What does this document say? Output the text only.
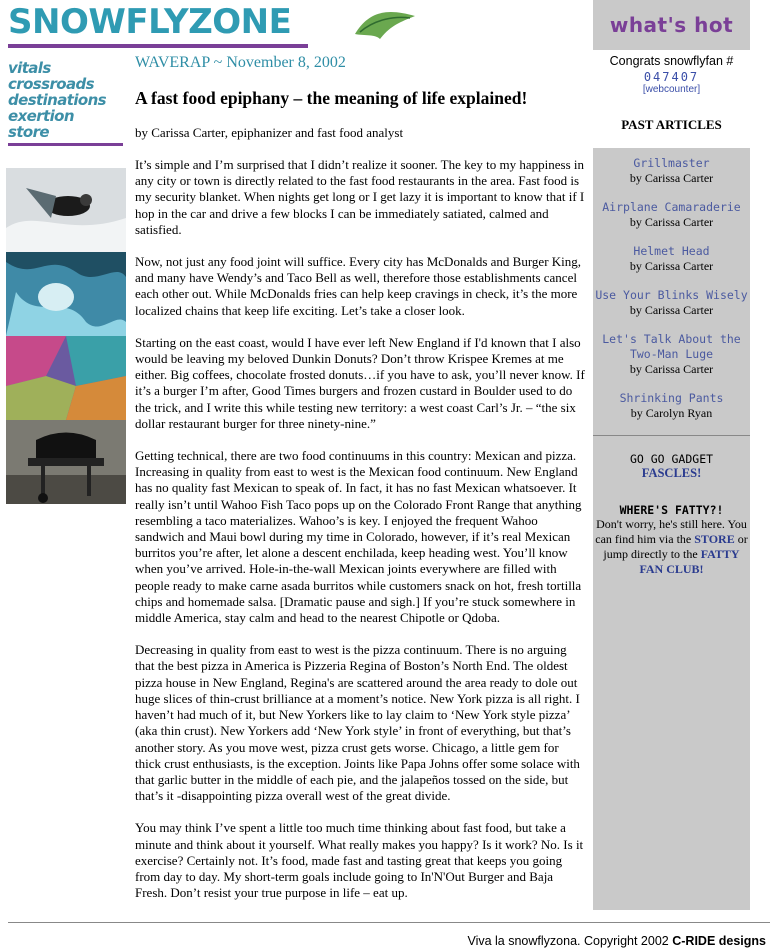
SNOWFLYZONE
vitals
crossroads
destinations
exertion
store
WAVERAP ~ November 8, 2002
A fast food epiphany – the meaning of life explained!
by Carissa Carter, epiphanizer and fast food analyst

It’s simple and I’m surprised that I didn’t realize it sooner. The key to my happiness in any city or town is directly related to the fast food restaurants in the area. Fast food is my security blanket. When nights get long or I get lazy it is important to know that if I hop in the car and drive a few blocks I can be immediately satiated, calmed and satisfied.

Now, not just any food joint will suffice. Every city has McDonalds and Burger King, and many have Wendy’s and Taco Bell as well, therefore those establishments cancel each other out. While McDonalds fries can help keep cravings in check, it’s the more localized chains that keep life exciting. Let’s take a closer look.

Starting on the east coast, would I have ever left New England if I'd known that I also would be leaving my beloved Dunkin Donuts? Don’t throw Krispee Kremes at me either. Big coffees, chocolate frosted donuts…if you have to ask, you’ll never know. If it’s a burger I’m after, Good Times burgers and frozen custard in Boulder used to do the trick, and I write this while testing new territory: a west coast Carl’s Jr. – “the six dollar restaurant burger for three ninety-nine.”

Getting technical, there are two food continuums in this country: Mexican and pizza. Increasing in quality from east to west is the Mexican food continuum. New England has no quality fast Mexican to speak of. In fact, it has no fast Mexican whatsoever. It really isn’t until Wahoo Fish Taco pops up on the Colorado Front Range that anything resembling a taco materializes. Wahoo’s is key. I enjoyed the frequent Wahoo sandwich and Maui bowl during my time in Colorado, however, if it’s real Mexican burritos you’re after, let alone a descent enchilada, keep heading west. You’ll know when you’ve arrived. Hole-in-the-wall Mexican joints everywhere are filled with people ready to make carne asada burritos while customers snack on hot, fresh tortilla chips and homemade salsa. [Dramatic pause and sigh.] If you’re stuck somewhere in middle America, stay calm and head to the nearest Chipotle or Qdoba.

Decreasing in quality from east to west is the pizza continuum. There is no arguing that the best pizza in America is Pizzeria Regina of Boston’s North End. The oldest pizza house in New England, Regina's are scattered around the area ready to dole out huge slices of thin-crust brilliance at a moment’s notice. New York pizza is all right. I haven’t had much of it, but New Yorkers like to lay claim to ‘New York style pizza’ (aka thin crust). New Yorkers add ‘New York style’ in front of everything, but that’s another story. As you move west, pizza crust gets worse. Chicago, a little gem for thick crust enthusiasts, is the exception. Joints like Papa Johns offer some solace with that garlic butter in the middle of each pie, and the jalapeños tossed on the side, but that’s it -disappointing pizza overall west of the great divide.

You may think I’ve spent a little too much time thinking about fast food, but take a minute and think about it yourself. What really makes you happy? Is it work? No. Is it exercise? Certainly not. It’s food, made fast and tasting great that keeps you going from day to day. My short-term goals include going to In'N'Out Burger and Baja Fresh. Don’t resist your true purpose in life – eat up.

what's hot
Congrats snowflyfan #
047407
[webcounter]
PAST ARTICLES
Grillmaster
by Carissa Carter
Airplane Camaraderie
by Carissa Carter
Helmet Head
by Carissa Carter
Use Your Blinks Wisely
by Carissa Carter
Let's Talk About the Two-Man Luge
by Carissa Carter
Shrinking Pants
by Carolyn Ryan
GO GO GADGET
FASCLES!
WHERE'S FATTY?!
Don't worry, he's still here. You can find him via the STORE or jump directly to the FATTY FAN CLUB!
Viva la snowflyzona. Copyright 2002 C-RIDE designs
